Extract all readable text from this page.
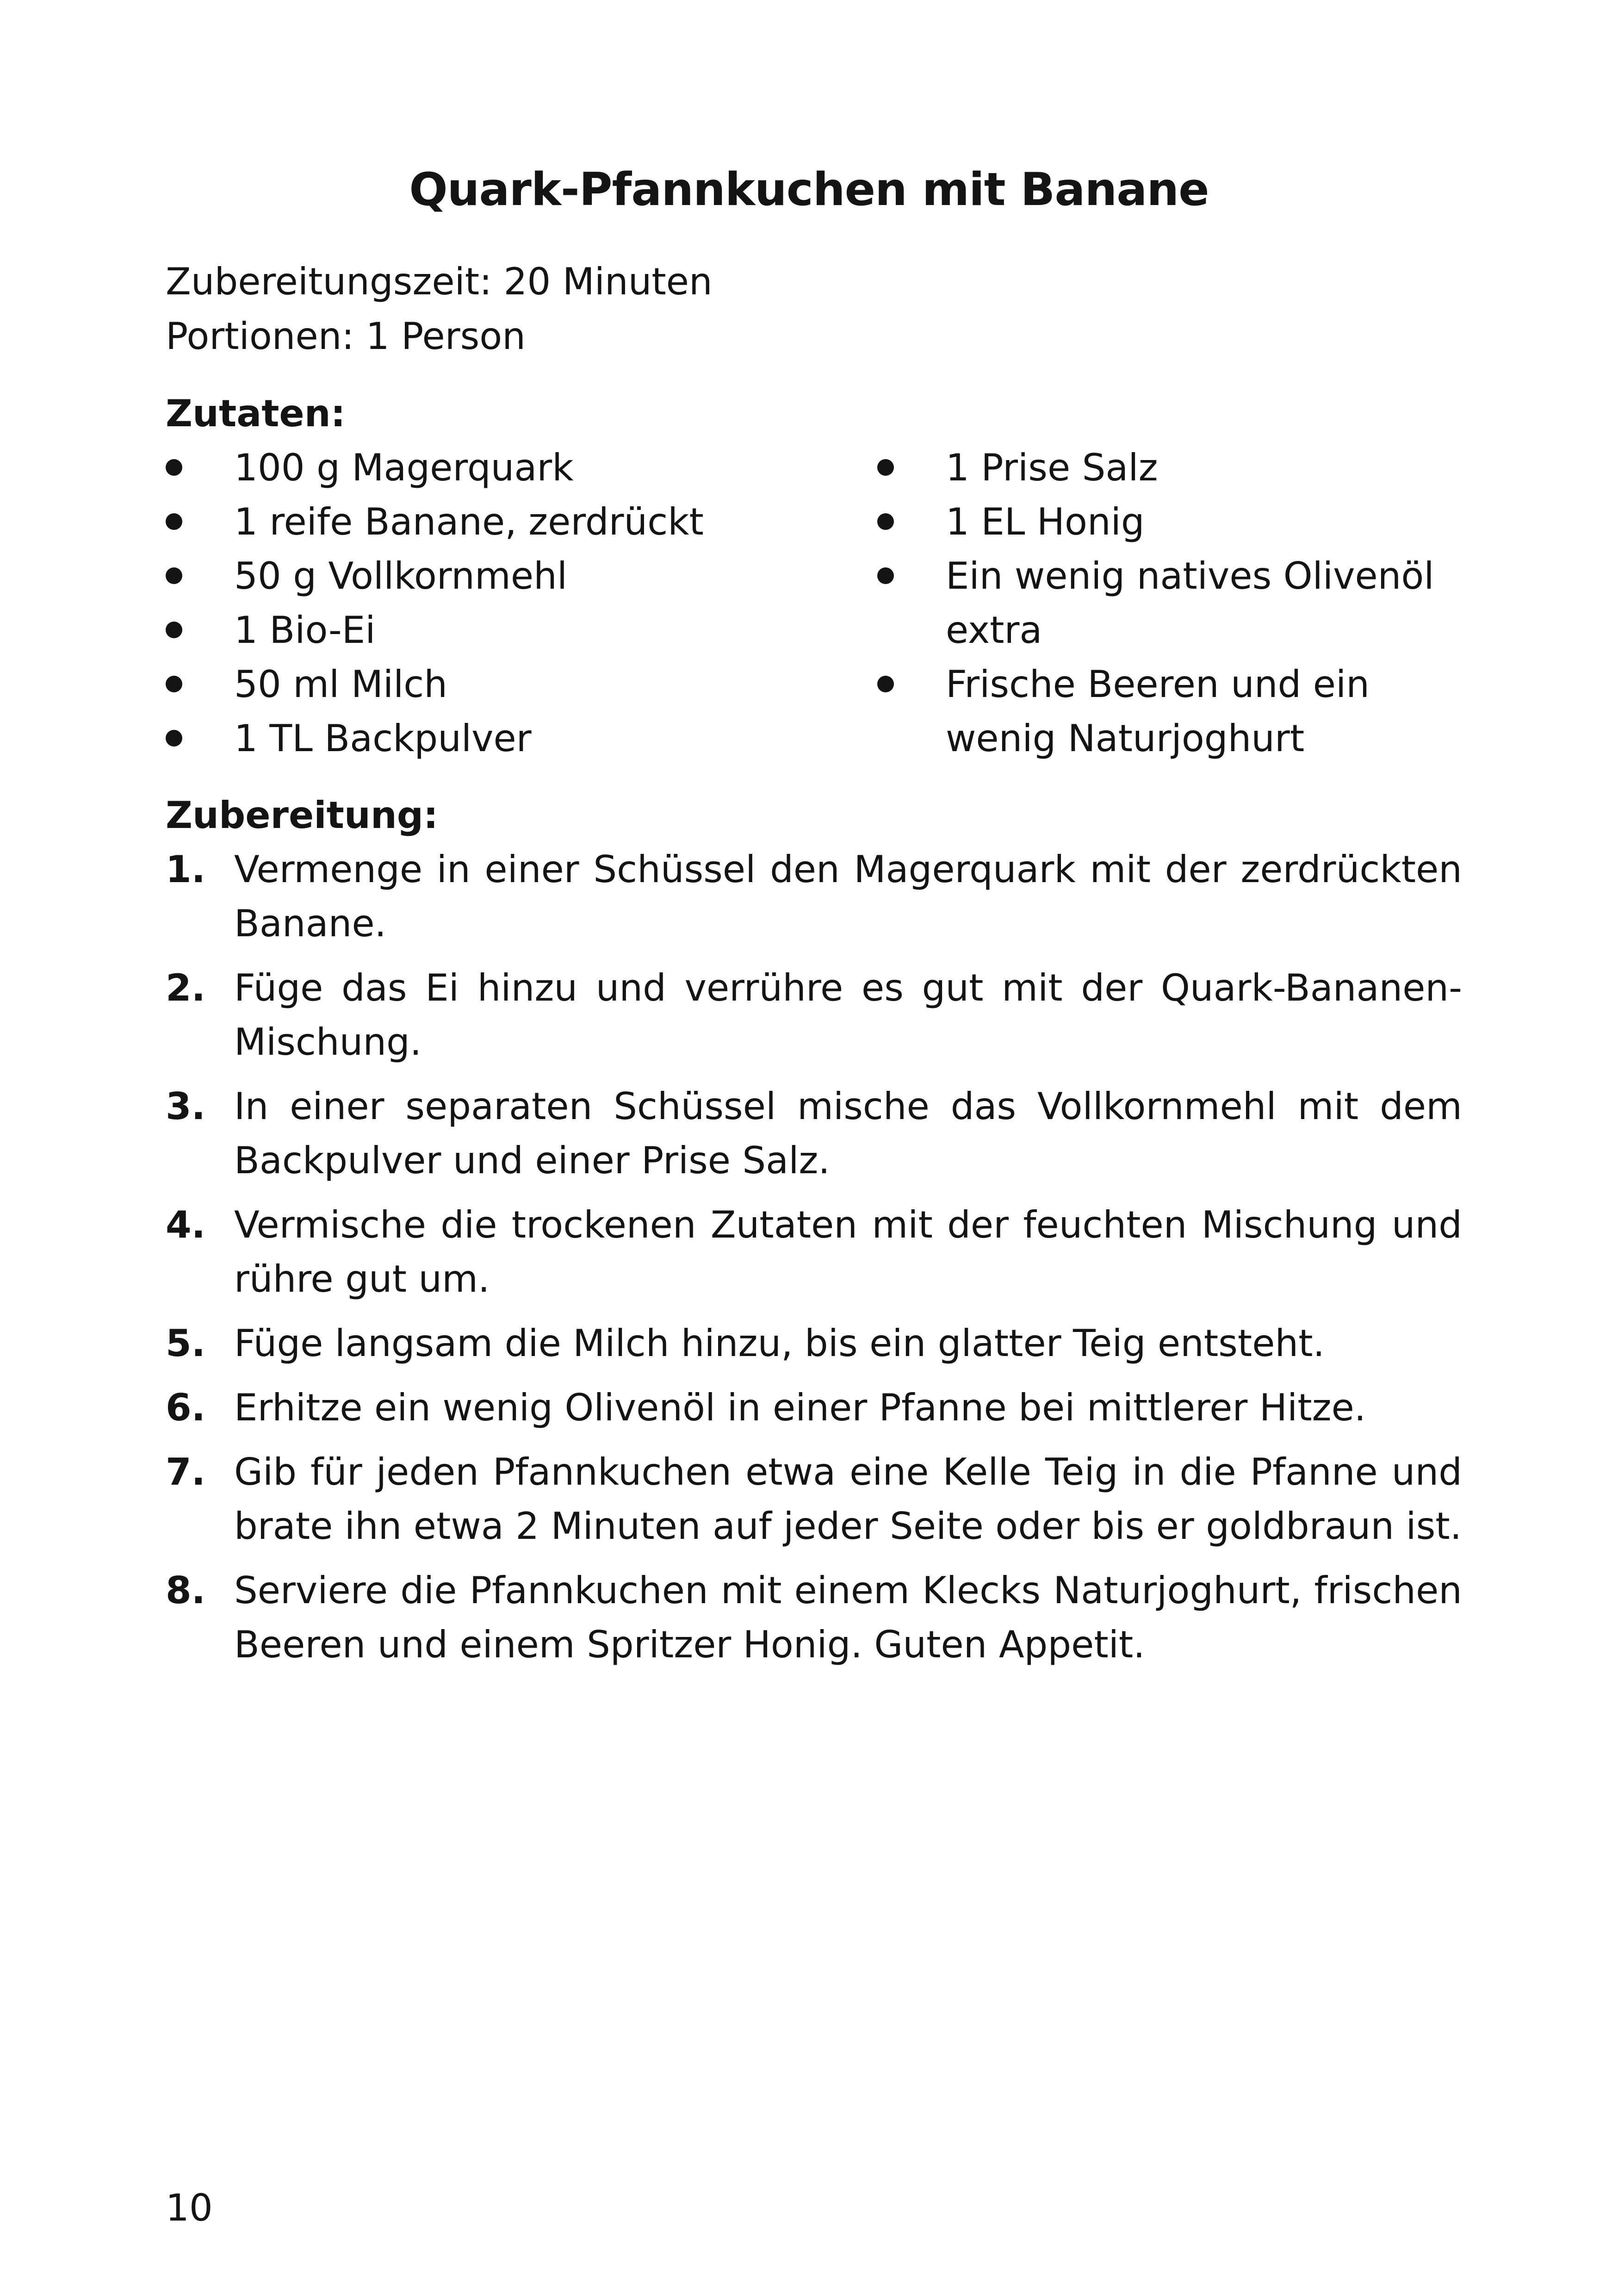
Quark-Pfannkuchen mit Banane
Zubereitungszeit: 20 Minuten
Portionen: 1 Person
Zutaten:
100 g Magerquark
1 reife Banane, zerdrückt
50 g Vollkornmehl
1 Bio-Ei
50 ml Milch
1 TL Backpulver
1 Prise Salz
1 EL Honig
Ein wenig natives Olivenöl extra
Frische Beeren und ein wenig Naturjoghurt
Zubereitung:
1. Vermenge in einer Schüssel den Magerquark mit der zerdrückten Banane.
2. Füge das Ei hinzu und verrühre es gut mit der Quark-Bananen-Mischung.
3. In einer separaten Schüssel mische das Vollkornmehl mit dem Backpulver und einer Prise Salz.
4. Vermische die trockenen Zutaten mit der feuchten Mischung und rühre gut um.
5. Füge langsam die Milch hinzu, bis ein glatter Teig entsteht.
6. Erhitze ein wenig Olivenöl in einer Pfanne bei mittlerer Hitze.
7. Gib für jeden Pfannkuchen etwa eine Kelle Teig in die Pfanne und brate ihn etwa 2 Minuten auf jeder Seite oder bis er goldbraun ist.
8. Serviere die Pfannkuchen mit einem Klecks Naturjoghurt, frischen Beeren und einem Spritzer Honig. Guten Appetit.
10
